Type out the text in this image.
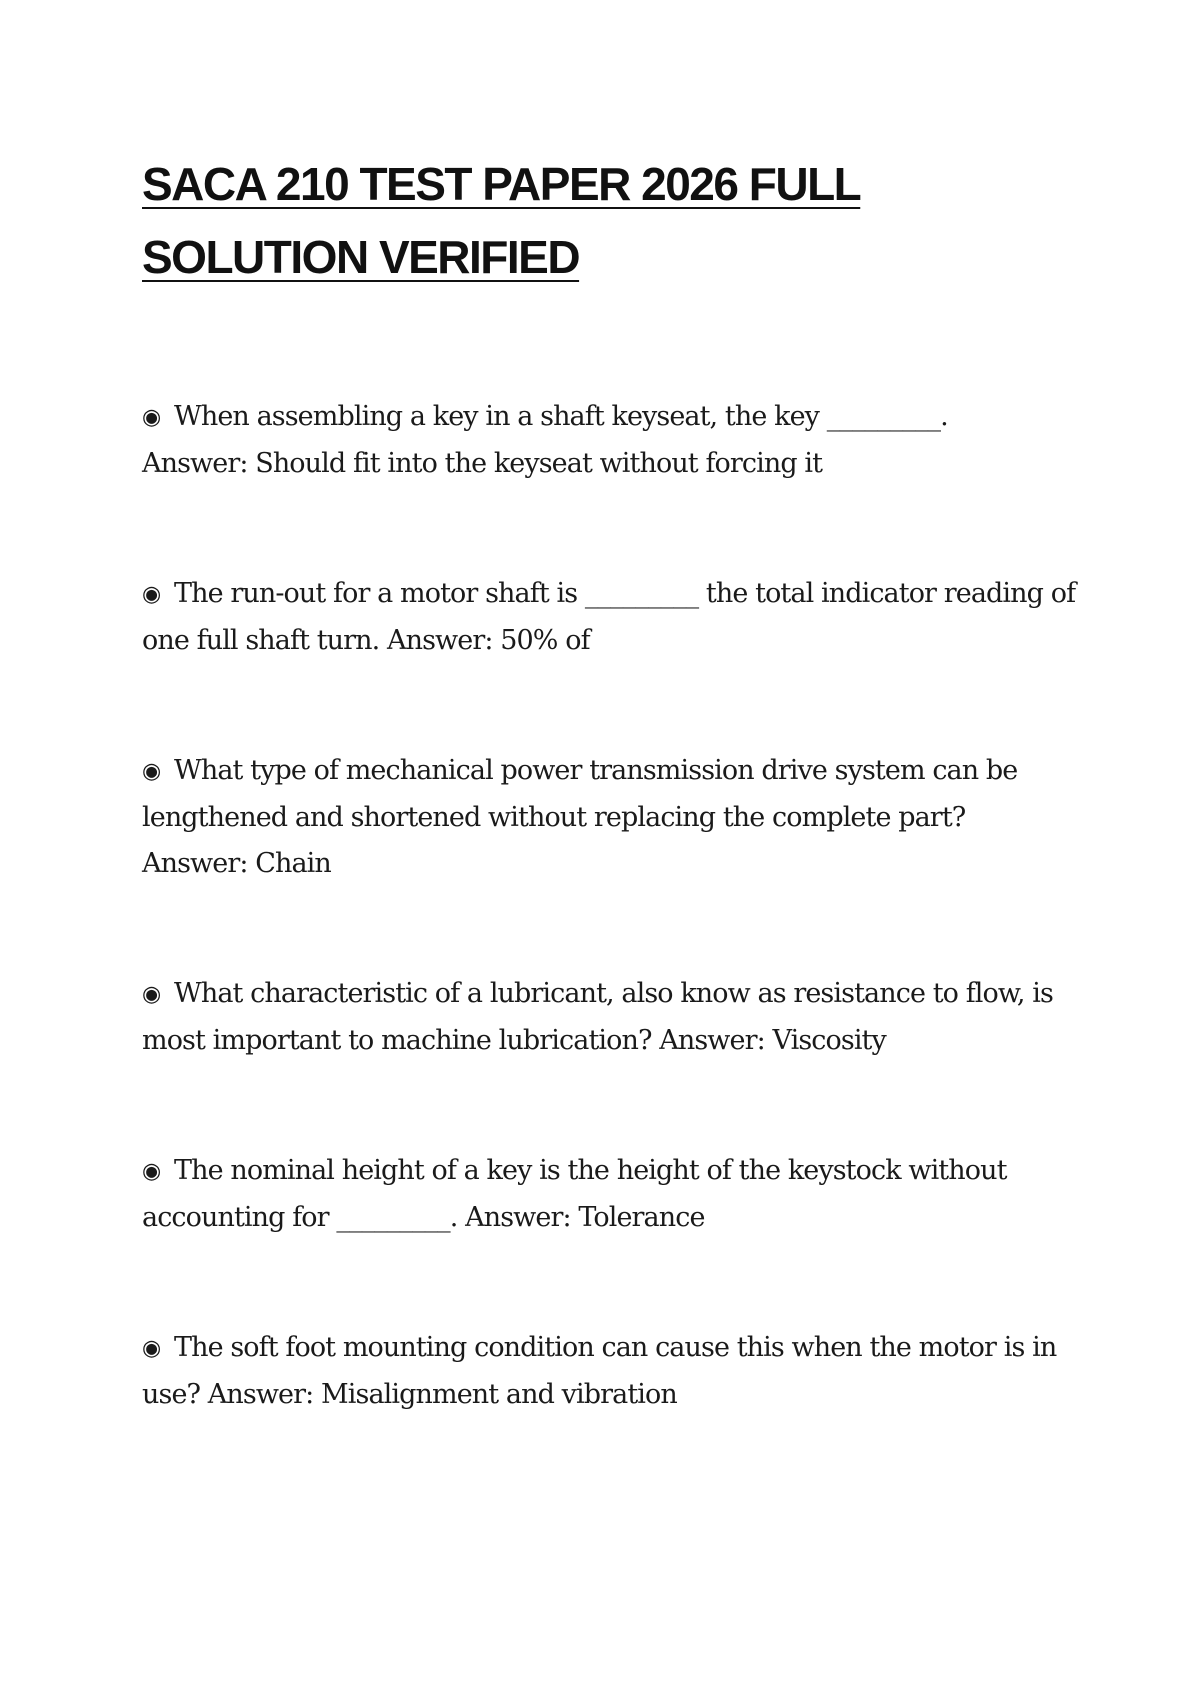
SACA 210 TEST PAPER 2026 FULL SOLUTION VERIFIED

◉ When assembling a key in a shaft keyseat, the key _________.
Answer: Should fit into the keyseat without forcing it

◉ The run-out for a motor shaft is _________ the total indicator reading of one full shaft turn. Answer: 50% of

◉ What type of mechanical power transmission drive system can be lengthened and shortened without replacing the complete part?
Answer: Chain

◉ What characteristic of a lubricant, also know as resistance to flow, is most important to machine lubrication? Answer: Viscosity

◉ The nominal height of a key is the height of the keystock without accounting for _________. Answer: Tolerance

◉ The soft foot mounting condition can cause this when the motor is in use? Answer: Misalignment and vibration
